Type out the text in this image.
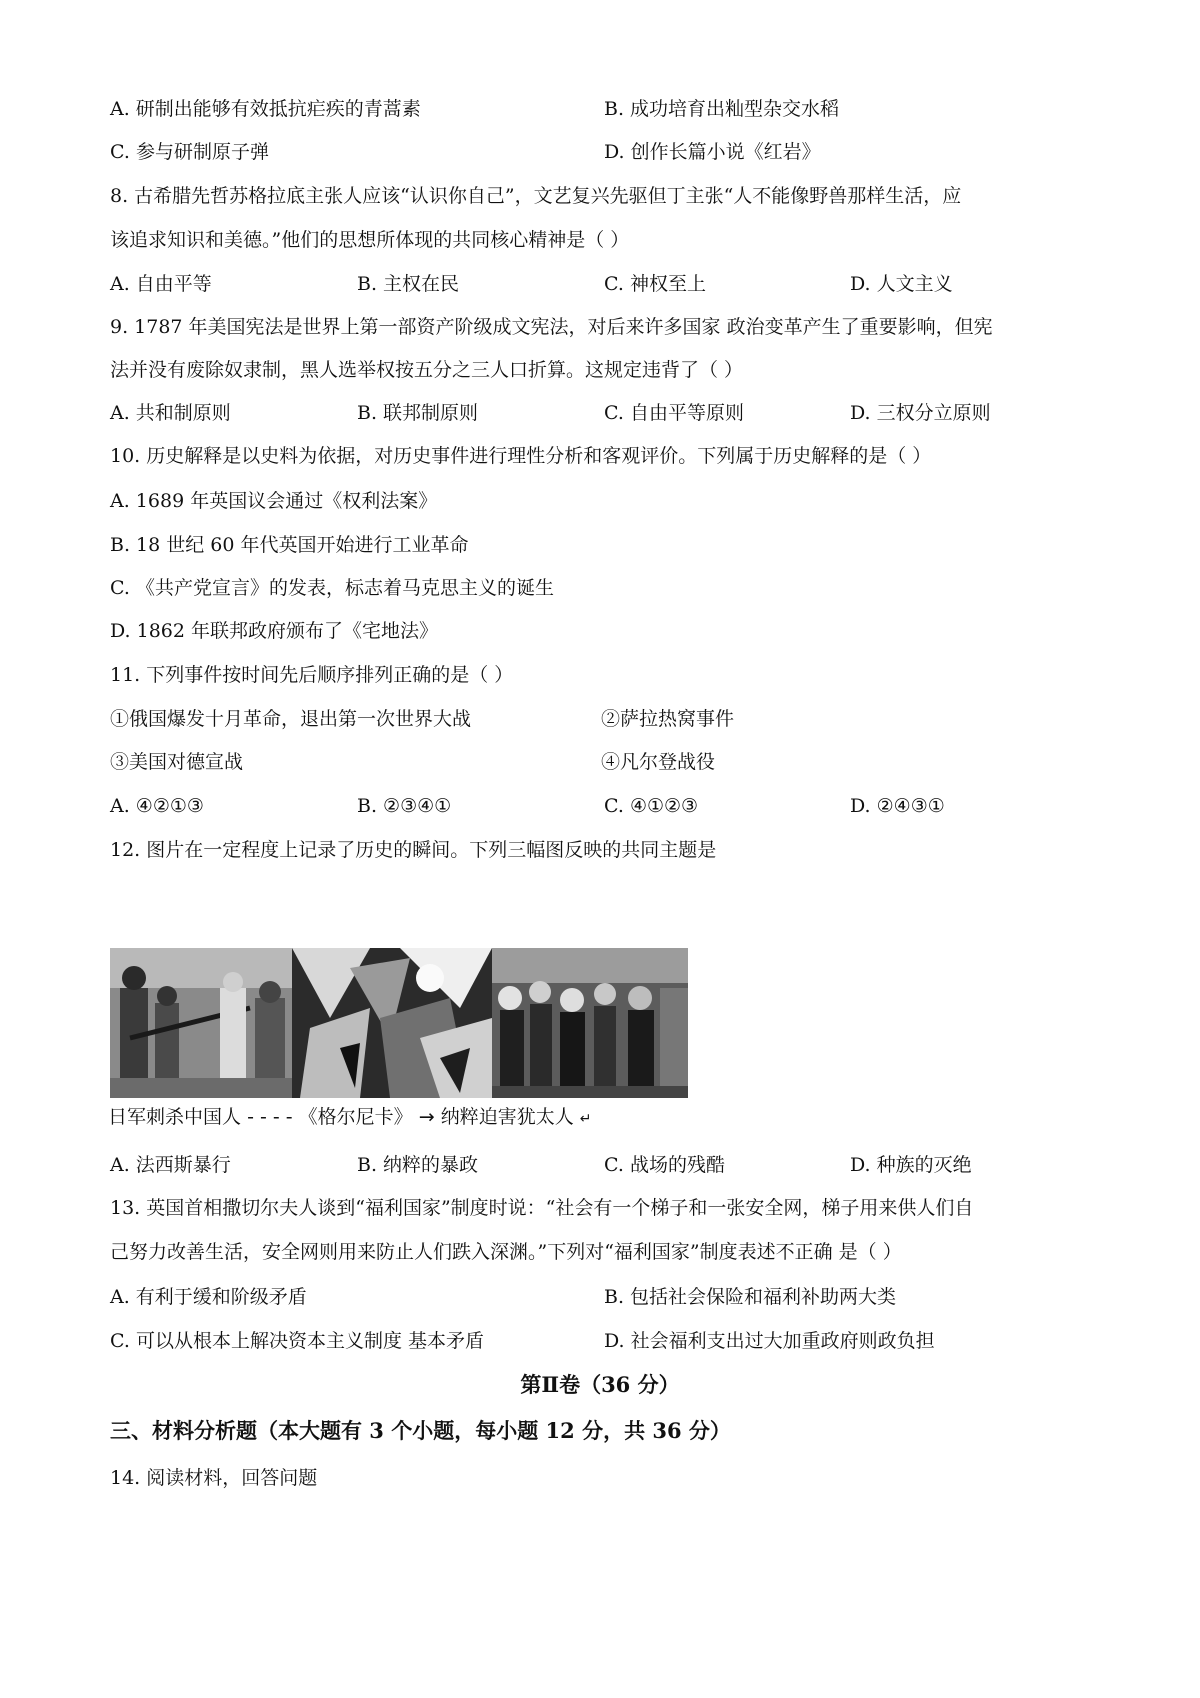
A. 研制出能够有效抵抗疟疾的青蒿素	B. 成功培育出籼型杂交水稻
C. 参与研制原子弹	D. 创作长篇小说《红岩》
8. 古希腊先哲苏格拉底主张人应该“认识你自己”，文艺复兴先驱但丁主张“人不能像野兽那样生活，应
该追求知识和美德。”他们的思想所体现的共同核心精神是（ ）
A. 自由平等	B. 主权在民	C. 神权至上	D. 人文主义
9. 1787 年美国宪法是世界上第一部资产阶级成文宪法，对后来许多国家 政治变革产生了重要影响，但宪
法并没有废除奴隶制，黑人选举权按五分之三人口折算。这规定违背了（ ）
A. 共和制原则	B. 联邦制原则	C. 自由平等原则	D. 三权分立原则
10. 历史解释是以史料为依据，对历史事件进行理性分析和客观评价。下列属于历史解释的是（ ）
A. 1689 年英国议会通过《权利法案》
B. 18 世纪 60 年代英国开始进行工业革命
C. 《共产党宣言》的发表，标志着马克思主义的诞生
D. 1862 年联邦政府颁布了《宅地法》
11. 下列事件按时间先后顺序排列正确的是（ ）
①俄国爆发十月革命，退出第一次世界大战	②萨拉热窝事件
③美国对德宣战	④凡尔登战役
A. ④②①③	B. ②③④①	C. ④①②③	D. ②④③①
12. 图片在一定程度上记录了历史的瞬间。下列三幅图反映的共同主题是
日军刺杀中国人 - - - - 《格尔尼卡》 → 纳粹迫害犹太人 ↵
A. 法西斯暴行	B. 纳粹的暴政	C. 战场的残酷	D. 种族的灭绝
13. 英国首相撒切尔夫人谈到“福利国家”制度时说：“社会有一个梯子和一张安全网，梯子用来供人们自
己努力改善生活，安全网则用来防止人们跌入深渊。”下列对“福利国家”制度表述不正确 是（ ）
A. 有利于缓和阶级矛盾	B. 包括社会保险和福利补助两大类
C. 可以从根本上解决资本主义制度 基本矛盾	D. 社会福利支出过大加重政府则政负担
第Ⅱ卷（36 分）
三、材料分析题（本大题有 3 个小题，每小题 12 分，共 36 分）
14. 阅读材料，回答问题
